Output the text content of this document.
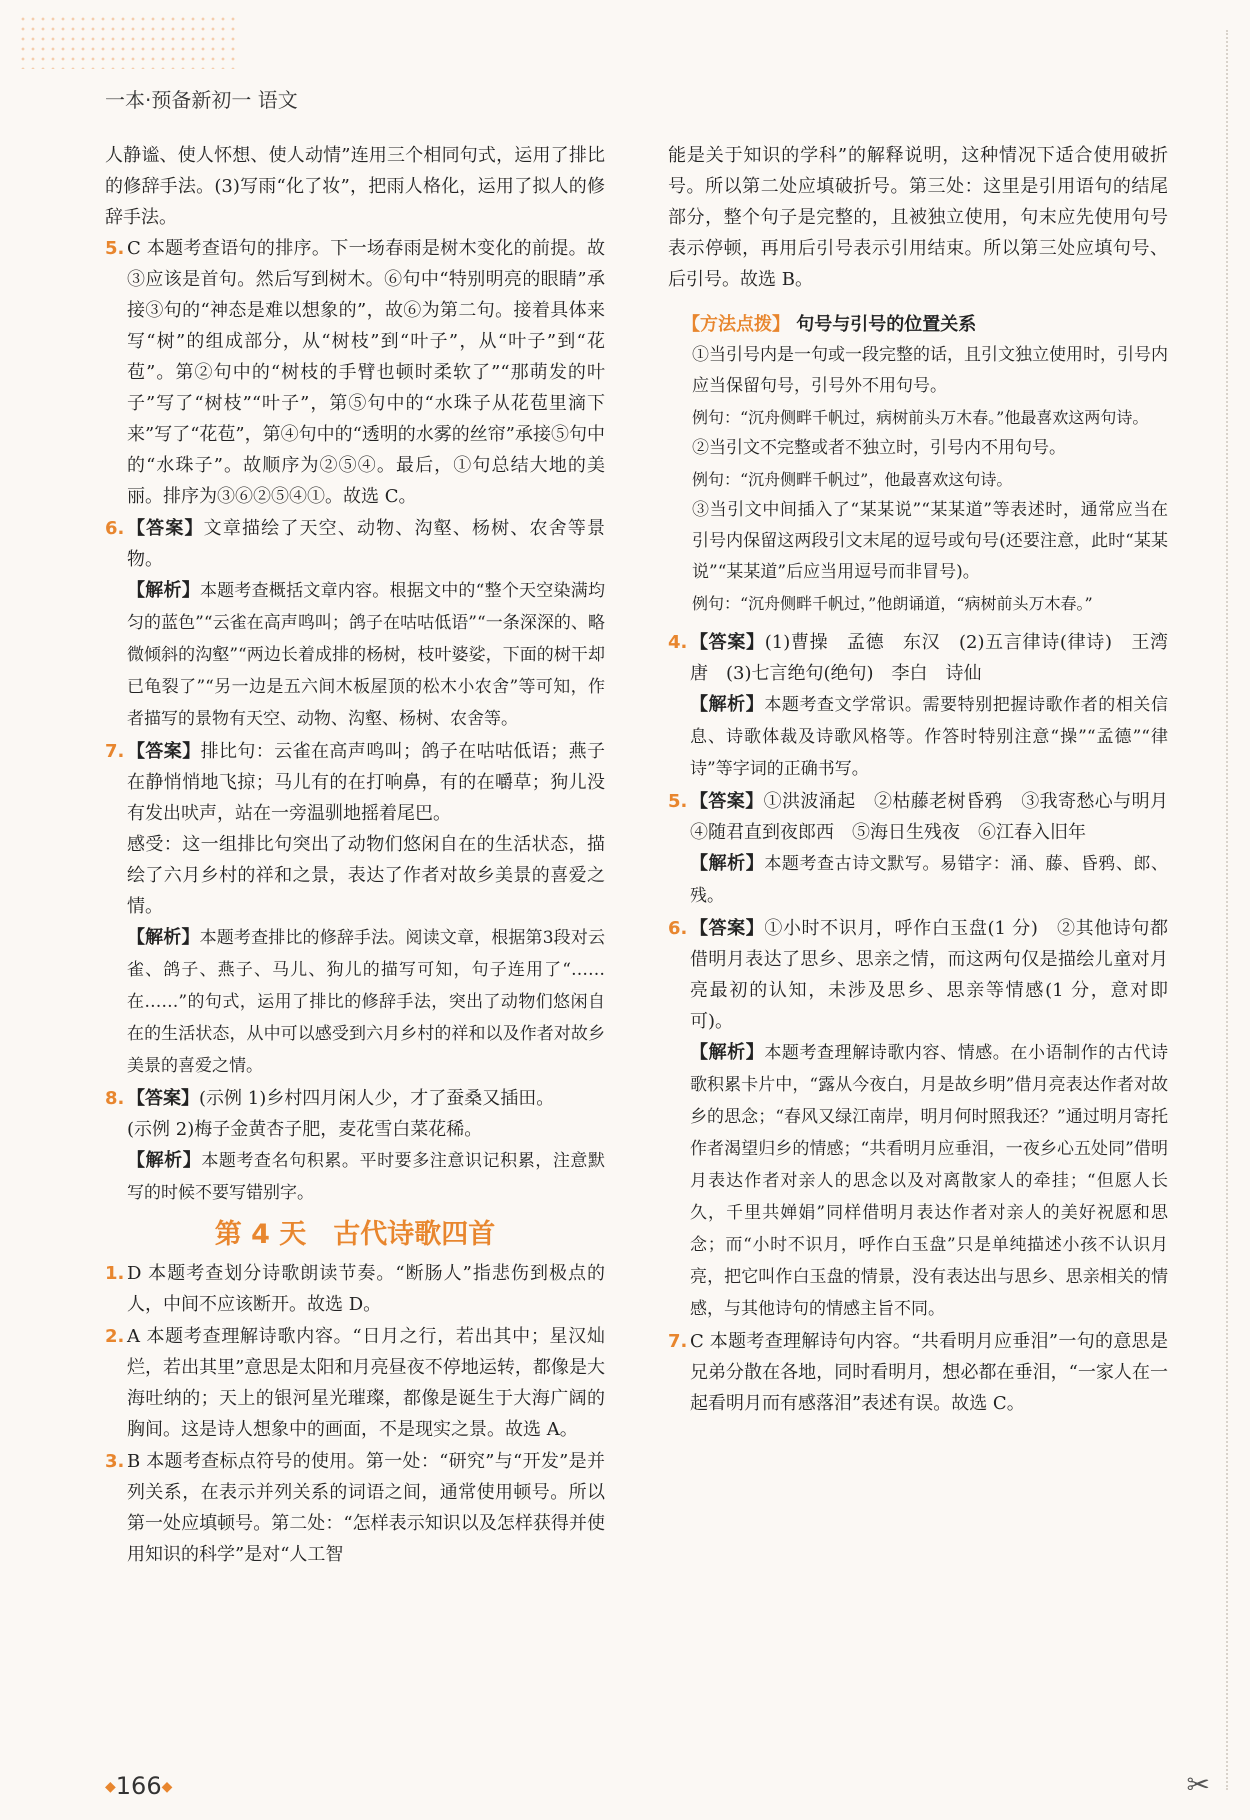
一本·预备新初一 语文

人静谧、使人怀想、使人动情”连用三个相同句式，运用了排比的修辞手法。(3)写雨“化了妆”，把雨人格化，运用了拟人的修辞手法。

5. C 本题考查语句的排序。下一场春雨是树木变化的前提。故③应该是首句。然后写到树木。⑥句中“特别明亮的眼睛”承接③句的“神态是难以想象的”，故⑥为第二句。接着具体来写“树”的组成部分，从“树枝”到“叶子”，从“叶子”到“花苞”。第②句中的“树枝的手臂也顿时柔软了”“那萌发的叶子”写了“树枝”“叶子”，第⑤句中的“水珠子从花苞里滴下来”写了“花苞”，第④句中的“透明的水雾的丝帘”承接⑤句中的“水珠子”。故顺序为②⑤④。最后，①句总结大地的美丽。排序为③⑥②⑤④①。故选 C。
6. 【答案】文章描绘了天空、动物、沟壑、杨树、农舍等景物。
【解析】本题考查概括文章内容。根据文中的“整个天空染满均匀的蓝色”“云雀在高声鸣叫；鸽子在咕咕低语”“一条深深的、略微倾斜的沟壑”“两边长着成排的杨树，枝叶婆娑，下面的树干却已龟裂了”“另一边是五六间木板屋顶的松木小农舍”等可知，作者描写的景物有天空、动物、沟壑、杨树、农舍等。
7. 【答案】排比句：云雀在高声鸣叫；鸽子在咕咕低语；燕子在静悄悄地飞掠；马儿有的在打响鼻，有的在嚼草；狗儿没有发出吠声，站在一旁温驯地摇着尾巴。
感受：这一组排比句突出了动物们悠闲自在的生活状态，描绘了六月乡村的祥和之景，表达了作者对故乡美景的喜爱之情。
【解析】本题考查排比的修辞手法。阅读文章，根据第3段对云雀、鸽子、燕子、马儿、狗儿的描写可知，句子连用了“……在……”的句式，运用了排比的修辞手法，突出了动物们悠闲自在的生活状态，从中可以感受到六月乡村的祥和以及作者对故乡美景的喜爱之情。
8. 【答案】(示例 1)乡村四月闲人少，才了蚕桑又插田。
(示例 2)梅子金黄杏子肥，麦花雪白菜花稀。
【解析】本题考查名句积累。平时要多注意识记积累，注意默写的时候不要写错别字。
第 4 天　古代诗歌四首
1. D 本题考查划分诗歌朗读节奏。“断肠人”指悲伤到极点的人，中间不应该断开。故选 D。
2. A 本题考查理解诗歌内容。“日月之行，若出其中；星汉灿烂，若出其里”意思是太阳和月亮昼夜不停地运转，都像是大海吐纳的；天上的银河星光璀璨，都像是诞生于大海广阔的胸间。这是诗人想象中的画面，不是现实之景。故选 A。
3. B 本题考查标点符号的使用。第一处：“研究”与“开发”是并列关系，在表示并列关系的词语之间，通常使用顿号。所以第一处应填顿号。第二处：“怎样表示知识以及怎样获得并使用知识的科学”是对“人工智

能是关于知识的学科”的解释说明，这种情况下适合使用破折号。所以第二处应填破折号。第三处：这里是引用语句的结尾部分，整个句子是完整的，且被独立使用，句末应先使用句号表示停顿，再用后引号表示引用结束。所以第三处应填句号、后引号。故选 B。

【方法点拨】 句号与引号的位置关系

①当引号内是一句或一段完整的话，且引文独立使用时，引号内应当保留句号，引号外不用句号。

例句：“沉舟侧畔千帆过，病树前头万木春。”他最喜欢这两句诗。

②当引文不完整或者不独立时，引号内不用句号。

例句：“沉舟侧畔千帆过”，他最喜欢这句诗。

③当引文中间插入了“某某说”“某某道”等表述时，通常应当在引号内保留这两段引文末尾的逗号或句号(还要注意，此时“某某说”“某某道”后应当用逗号而非冒号)。

例句：“沉舟侧畔千帆过，”他朗诵道，“病树前头万木春。”

4. 【答案】(1)曹操　孟德　东汉　(2)五言律诗(律诗)　王湾　唐　(3)七言绝句(绝句)　李白　诗仙
【解析】本题考查文学常识。需要特别把握诗歌作者的相关信息、诗歌体裁及诗歌风格等。作答时特别注意“操”“孟德”“律诗”等字词的正确书写。
5. 【答案】①洪波涌起　②枯藤老树昏鸦　③我寄愁心与明月　④随君直到夜郎西　⑤海日生残夜　⑥江春入旧年
【解析】本题考查古诗文默写。易错字：涌、藤、昏鸦、郎、残。
6. 【答案】①小时不识月，呼作白玉盘(1 分)　②其他诗句都借明月表达了思乡、思亲之情，而这两句仅是描绘儿童对月亮最初的认知，未涉及思乡、思亲等情感(1 分，意对即可)。
【解析】本题考查理解诗歌内容、情感。在小语制作的古代诗歌积累卡片中，“露从今夜白，月是故乡明”借月亮表达作者对故乡的思念；“春风又绿江南岸，明月何时照我还？”通过明月寄托作者渴望归乡的情感；“共看明月应垂泪，一夜乡心五处同”借明月表达作者对亲人的思念以及对离散家人的牵挂；“但愿人长久，千里共婵娟”同样借明月表达作者对亲人的美好祝愿和思念；而“小时不识月，呼作白玉盘”只是单纯描述小孩不认识月亮，把它叫作白玉盘的情景，没有表达出与思乡、思亲相关的情感，与其他诗句的情感主旨不同。
7. C 本题考查理解诗句内容。“共看明月应垂泪”一句的意思是兄弟分散在各地，同时看明月，想必都在垂泪，“一家人在一起看明月而有感落泪”表述有误。故选 C。
◆166◆	✂
